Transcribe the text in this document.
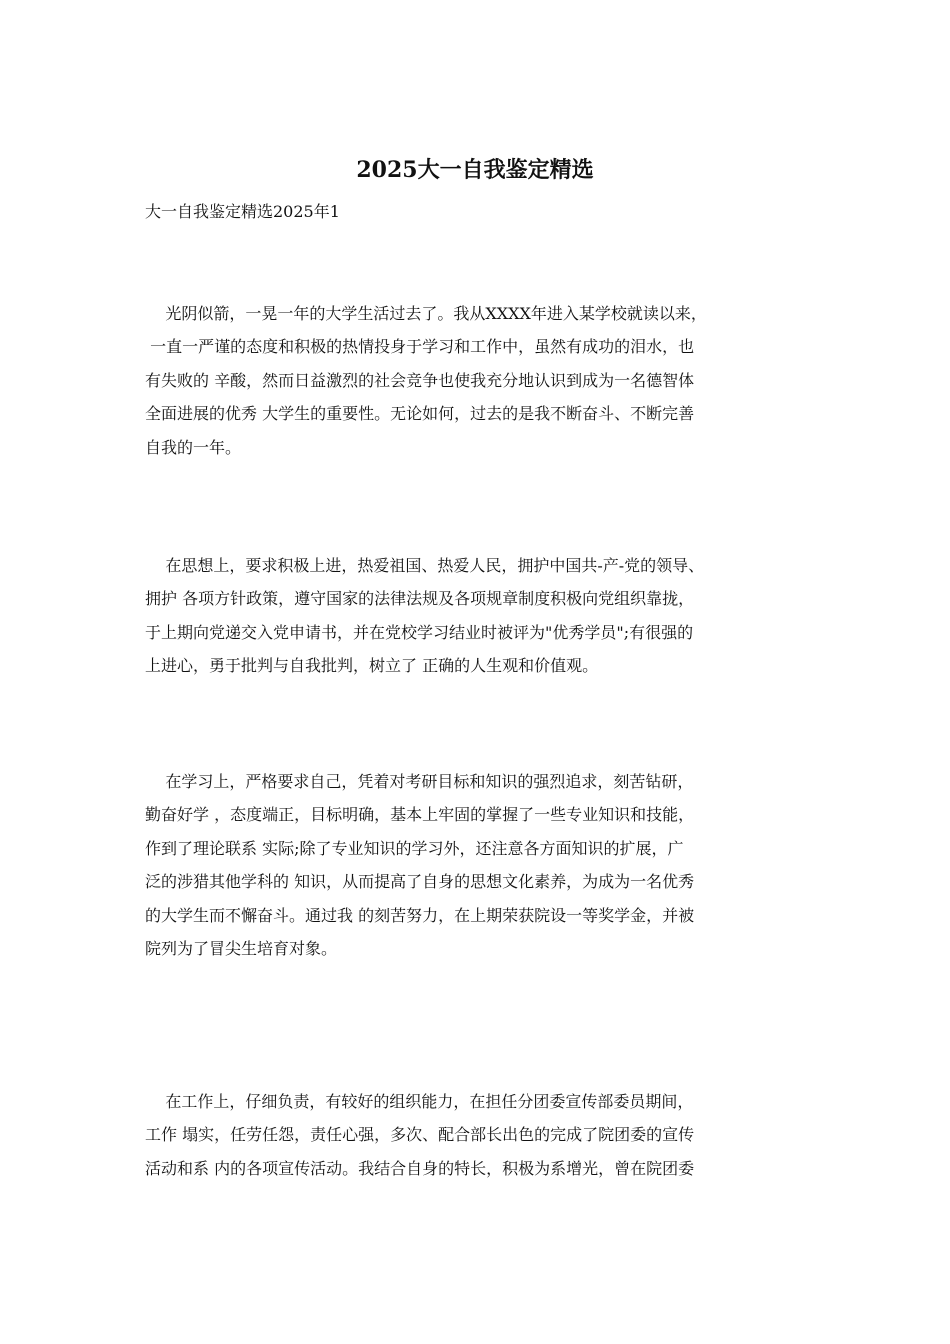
2025大一自我鉴定精选

大一自我鉴定精选2025年1

光阴似箭，一晃一年的大学生活过去了。我从XXXX年进入某学校就读以来，
一直一严谨的态度和积极的热情投身于学习和工作中，虽然有成功的泪水，也
有失败的 辛酸，然而日益激烈的社会竞争也使我充分地认识到成为一名德智体
全面进展的优秀 大学生的重要性。无论如何，过去的是我不断奋斗、不断完善
自我的一年。
在思想上，要求积极上进，热爱祖国、热爱人民，拥护中国共-产-党的领导、
拥护 各项方针政策，遵守国家的法律法规及各项规章制度积极向党组织靠拢，
于上期向党递交入党申请书，并在党校学习结业时被评为"优秀学员";有很强的
上进心，勇于批判与自我批判，树立了 正确的人生观和价值观。
在学习上，严格要求自己，凭着对考研目标和知识的强烈追求，刻苦钻研，
勤奋好学 ，态度端正，目标明确，基本上牢固的掌握了一些专业知识和技能，
作到了理论联系 实际;除了专业知识的学习外，还注意各方面知识的扩展，广
泛的涉猎其他学科的 知识，从而提高了自身的思想文化素养，为成为一名优秀
的大学生而不懈奋斗。通过我 的刻苦努力，在上期荣获院设一等奖学金，并被
院列为了冒尖生培育对象。
在工作上，仔细负责，有较好的组织能力，在担任分团委宣传部委员期间，
工作 塌实，任劳任怨，责任心强，多次、配合部长出色的完成了院团委的宣传
活动和系 内的各项宣传活动。我结合自身的特长，积极为系增光，曾在院团委
